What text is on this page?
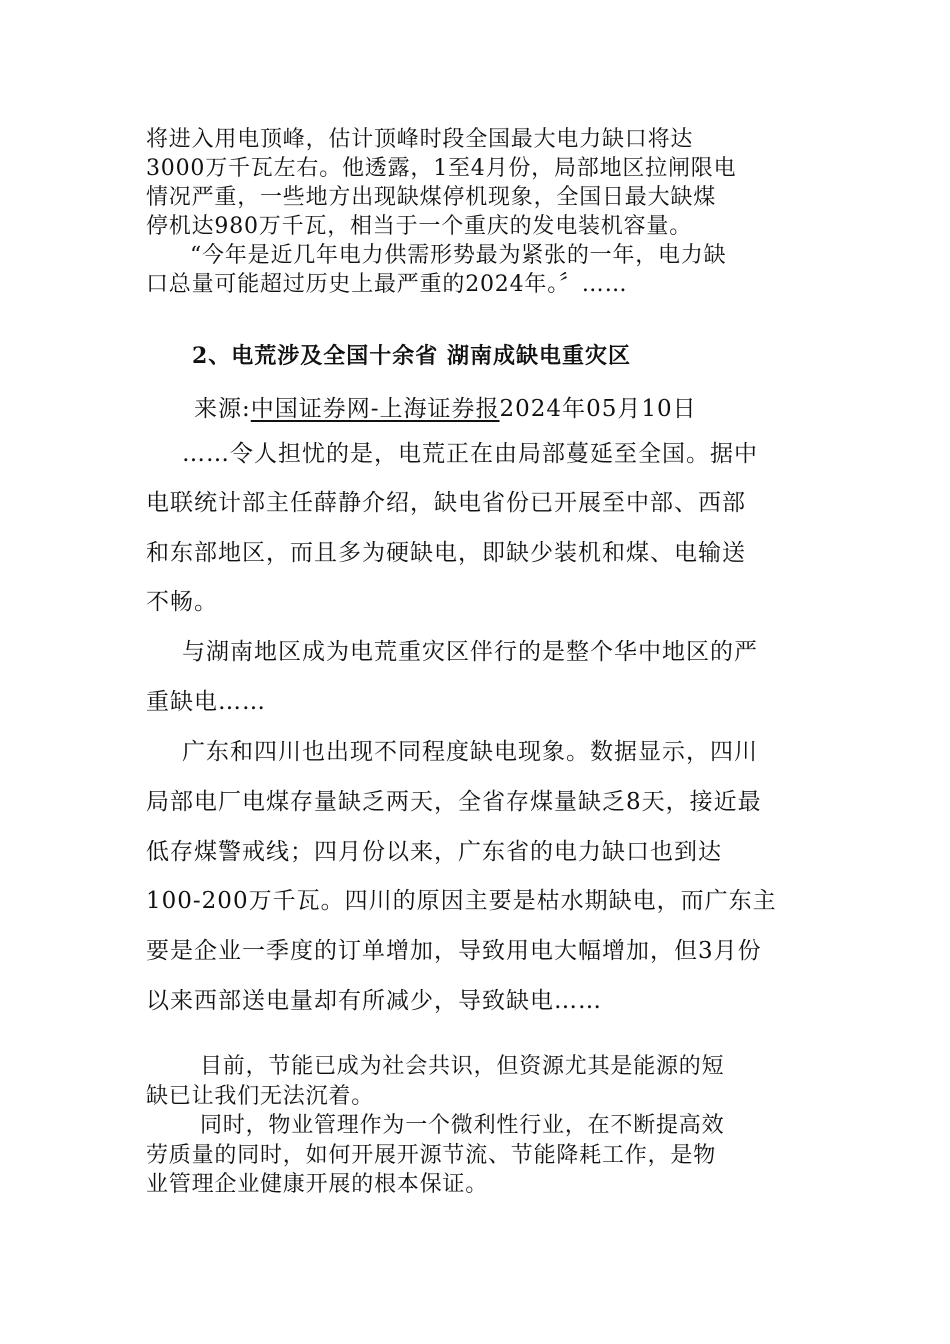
将进入用电顶峰，估计顶峰时段全国最大电力缺口将达
3000万千瓦左右。他透露，1至4月份，局部地区拉闸限电
情况严重，一些地方出现缺煤停机现象，全国日最大缺煤
停机达980万千瓦，相当于一个重庆的发电装机容量。
“今年是近几年电力供需形势最为紧张的一年，电力缺
口总量可能超过历史上最严重的2024年。〞……
2、电荒涉及全国十余省 湖南成缺电重灾区
来源:中国证券网-上海证券报2024年05月10日
……令人担忧的是，电荒正在由局部蔓延至全国。据中
电联统计部主任薛静介绍，缺电省份已开展至中部、西部
和东部地区，而且多为硬缺电，即缺少装机和煤、电输送
不畅。
与湖南地区成为电荒重灾区伴行的是整个华中地区的严
重缺电……
广东和四川也出现不同程度缺电现象。数据显示，四川
局部电厂电煤存量缺乏两天，全省存煤量缺乏8天，接近最
低存煤警戒线；四月份以来，广东省的电力缺口也到达
100-200万千瓦。四川的原因主要是枯水期缺电，而广东主
要是企业一季度的订单增加，导致用电大幅增加，但3月份
以来西部送电量却有所减少，导致缺电……
目前，节能已成为社会共识，但资源尤其是能源的短
缺已让我们无法沉着。
同时，物业管理作为一个微利性行业，在不断提高效
劳质量的同时，如何开展开源节流、节能降耗工作，是物
业管理企业健康开展的根本保证。
